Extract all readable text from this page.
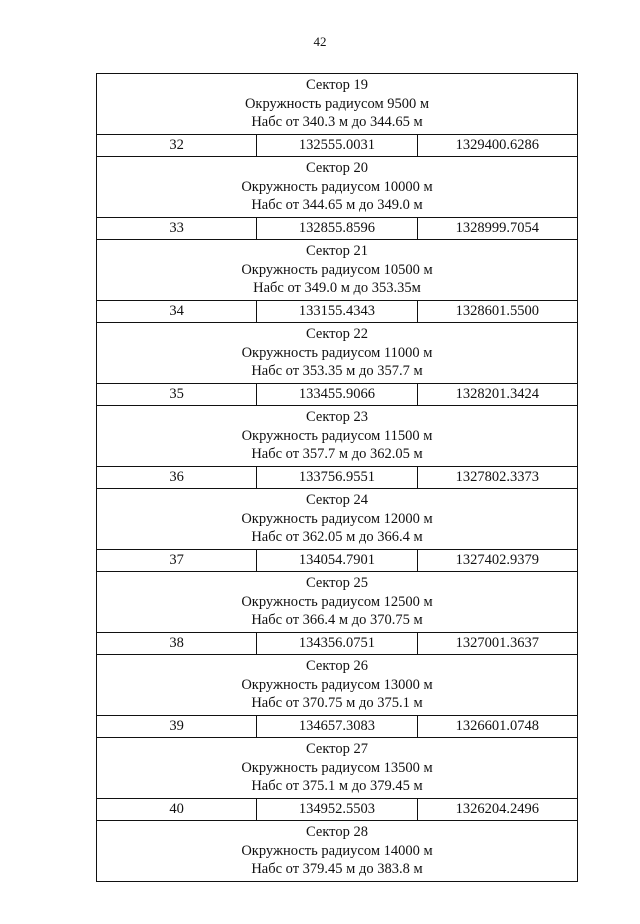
42
Сектор 19
Окружность радиусом 9500 м
Набс от 340.3 м до 344.65 м		

32	132555.0031	1329400.6286

Сектор 20
Окружность радиусом 10000 м
Набс от 344.65 м до 349.0 м		

33	132855.8596	1328999.7054

Сектор 21
Окружность радиусом 10500 м
Набс от 349.0 м до 353.35м		

34	133155.4343	1328601.5500

Сектор 22
Окружность радиусом 11000 м
Набс от 353.35 м до 357.7 м		

35	133455.9066	1328201.3424

Сектор 23
Окружность радиусом 11500 м
Набс от 357.7 м до 362.05 м		

36	133756.9551	1327802.3373

Сектор 24
Окружность радиусом 12000 м
Набс от 362.05 м до 366.4 м		

37	134054.7901	1327402.9379

Сектор 25
Окружность радиусом 12500 м
Набс от 366.4 м до 370.75 м		

38	134356.0751	1327001.3637

Сектор 26
Окружность радиусом 13000 м
Набс от 370.75 м до 375.1 м		

39	134657.3083	1326601.0748

Сектор 27
Окружность радиусом 13500 м
Набс от 375.1 м до 379.45 м		

40	134952.5503	1326204.2496

Сектор 28
Окружность радиусом 14000 м
Набс от 379.45 м до 383.8 м		
